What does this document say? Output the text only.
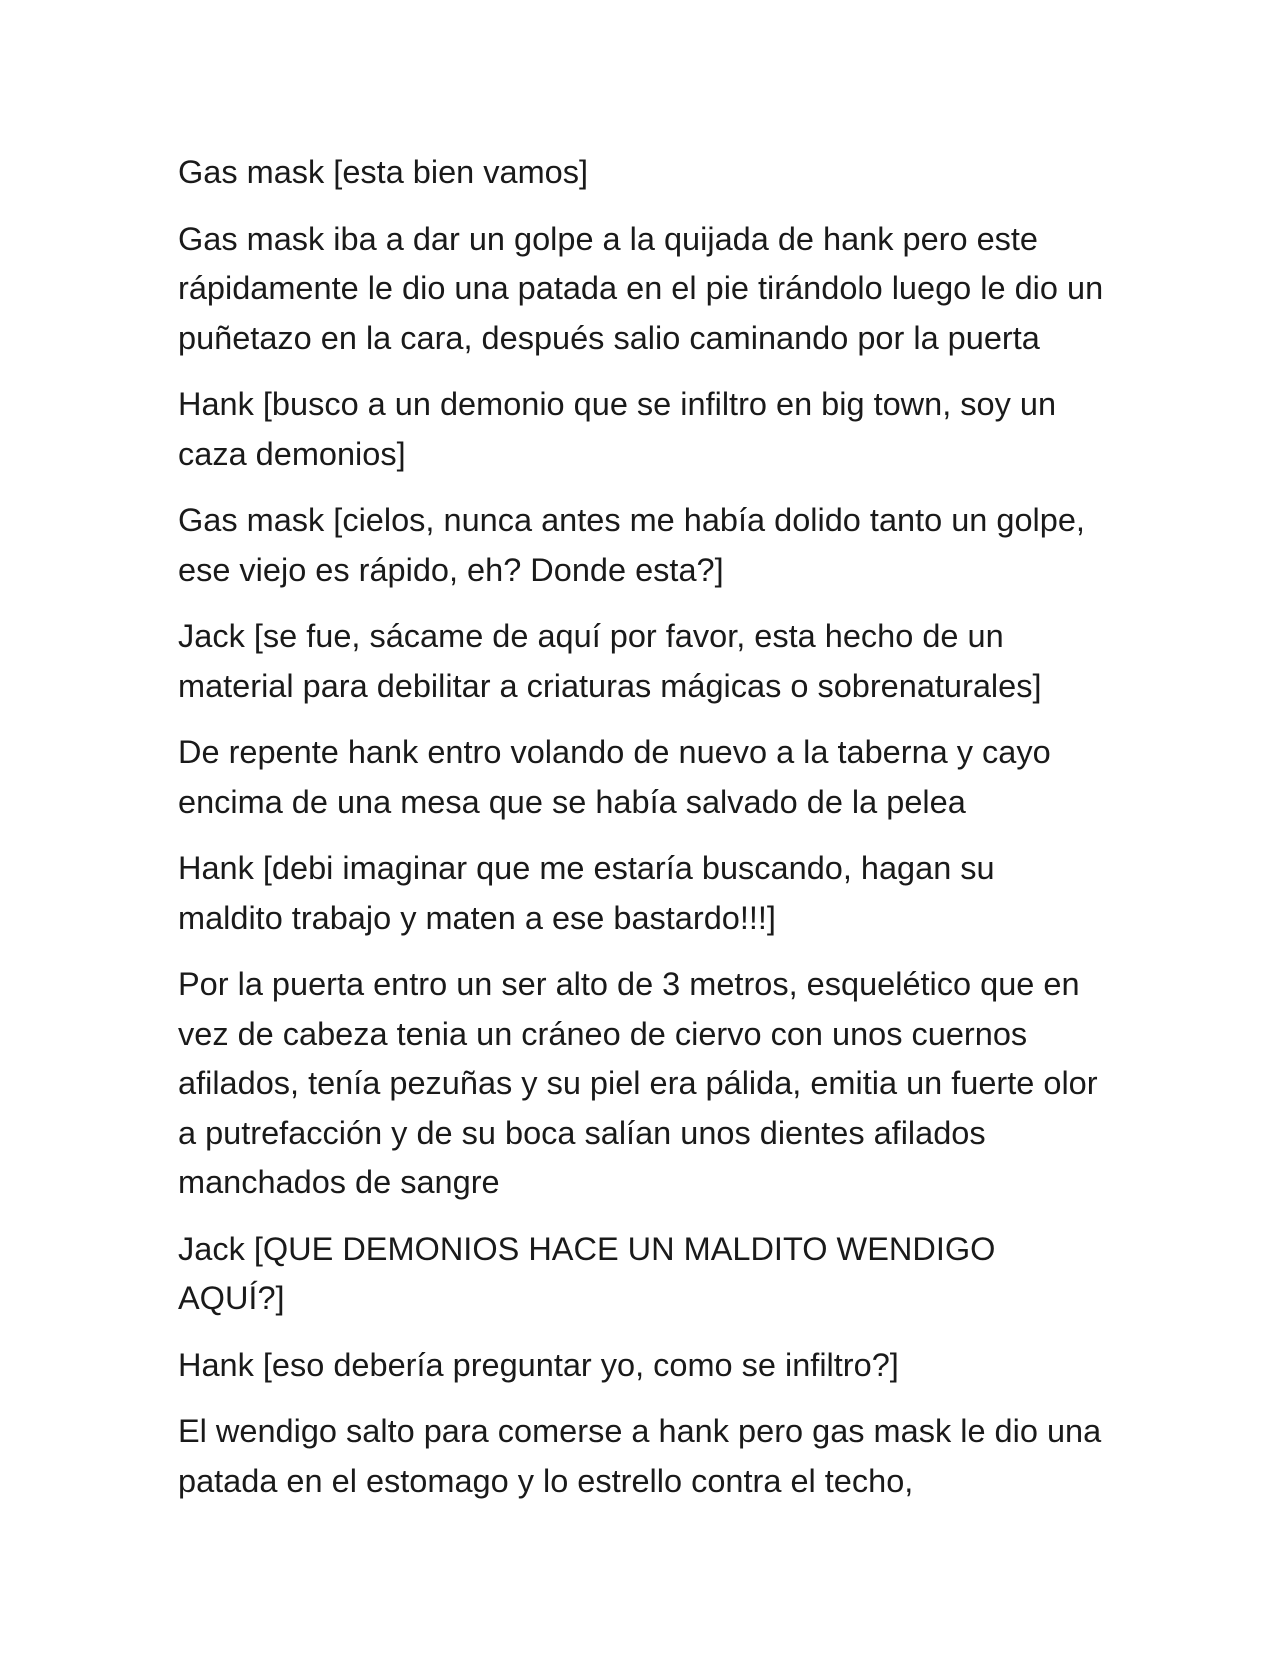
Gas mask [esta bien vamos]

Gas mask iba a dar un golpe a la quijada de hank pero este rápidamente le dio una patada en el pie tirándolo luego le dio un puñetazo en la cara, después salio caminando por la puerta

Hank [busco a un demonio que se infiltro en big town, soy un caza demonios]

Gas mask [cielos, nunca antes me había dolido tanto un golpe, ese viejo es rápido, eh? Donde esta?]

Jack [se fue, sácame de aquí por favor, esta hecho de un material para debilitar a criaturas mágicas o sobrenaturales]

De repente hank entro volando de nuevo a la taberna y cayo encima de una mesa que se había salvado de la pelea

Hank [debi imaginar que me estaría buscando, hagan su maldito trabajo y maten a ese bastardo!!!]

Por la puerta entro un ser alto de 3 metros, esquelético que en vez de cabeza tenia un cráneo de ciervo con unos cuernos afilados, tenía pezuñas y su piel era pálida, emitia un fuerte olor a putrefacción y de su boca salían unos dientes afilados manchados de sangre

Jack [QUE DEMONIOS HACE UN MALDITO WENDIGO AQUÍ?]

Hank [eso debería preguntar yo, como se infiltro?]

El wendigo salto para comerse a hank pero gas mask le dio una patada en el estomago y lo estrello contra el techo,
